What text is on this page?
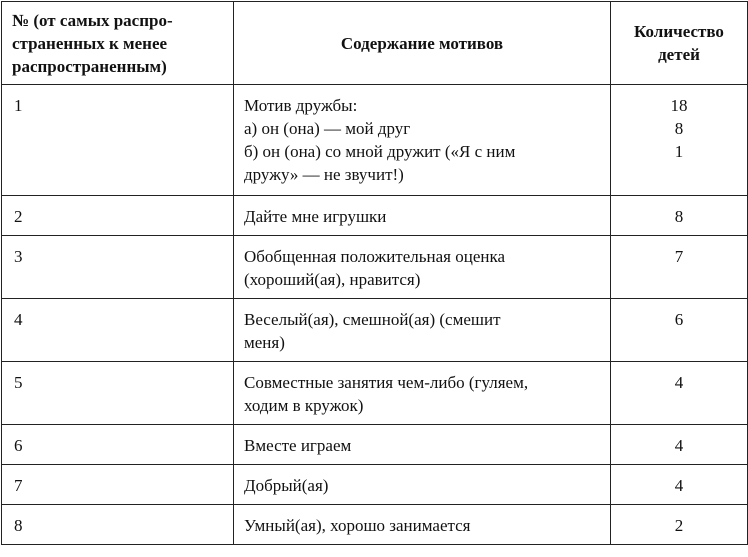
№ (от самых распро-
страненных к менее
распространенным)	Содержание мотивов	Количество
детей

1	Мотив дружбы:
а) он (она) — мой друг
б) он (она) со мной дружит («Я с ним
дружу» — не звучит!)	18
8
1

2	Дайте мне игрушки	8

3	Обобщенная положительная оценка
(хороший(ая), нравится)	7

4	Веселый(ая), смешной(ая) (смешит
меня)	6

5	Совместные занятия чем-либо (гуляем,
ходим в кружок)	4

6	Вместе играем	4

7	Добрый(ая)	4

8	Умный(ая), хорошо занимается	2
